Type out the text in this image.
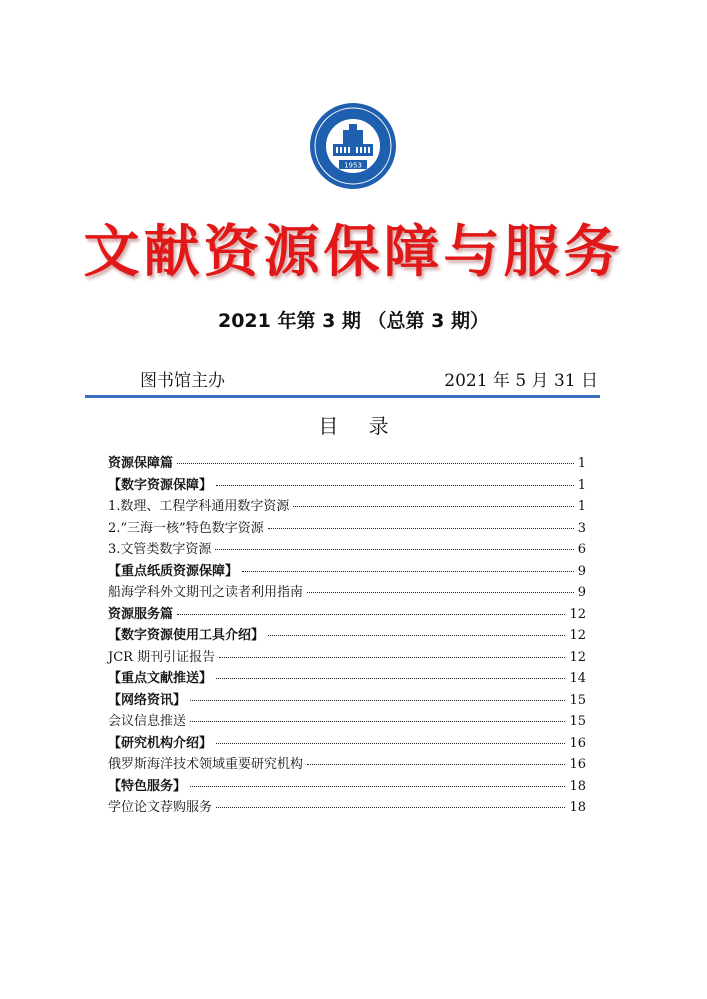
1953
文献资源保障与服务
2021 年第 3 期 （总第 3 期）
图书馆主办	2021 年 5 月 31 日
目 录
资源保障篇	1
【数字资源保障】	1
1.数理、工程学科通用数字资源	1
2.“三海一核”特色数字资源	3
3.文管类数字资源	6
【重点纸质资源保障】	9
船海学科外文期刊之读者利用指南	9
资源服务篇	12
【数字资源使用工具介绍】	12
JCR 期刊引证报告	12
【重点文献推送】	14
【网络资讯】	15
会议信息推送	15
【研究机构介绍】	16
俄罗斯海洋技术领域重要研究机构	16
【特色服务】	18
学位论文荐购服务	18
